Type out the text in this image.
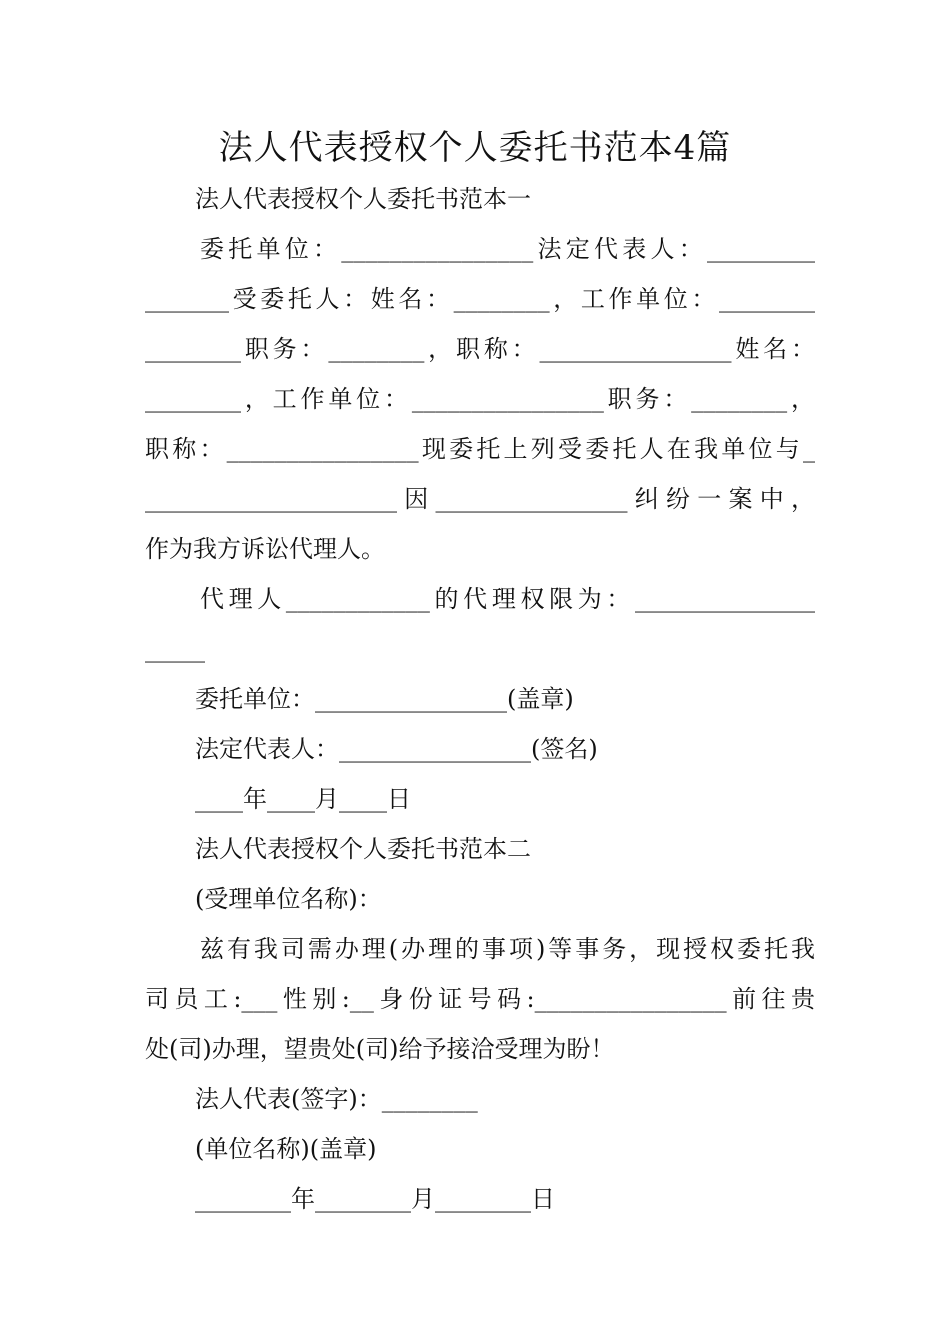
法人代表授权个人委托书范本4篇

法人代表授权个人委托书范本一

委托单位：________________法定代表人：_________

_______受委托人：姓名：________，工作单位：________

________职务：________，职称：________________姓名：

________，工作单位：________________职务：________，

职称：________________现委托上列受委托人在我单位与_

_____________________因________________纠纷一案中，

作为我方诉讼代理人。

代理人____________的代理权限为：_______________

_____

委托单位：________________(盖章)

法定代表人：________________(签名)

____年____月____日

法人代表授权个人委托书范本二

(受理单位名称)：

兹有我司需办理(办理的事项)等事务，现授权委托我

司员工:___性别:__身份证号码:________________前往贵

处(司)办理，望贵处(司)给予接洽受理为盼！

法人代表(签字)：________

(单位名称)(盖章)

________年________月________日
